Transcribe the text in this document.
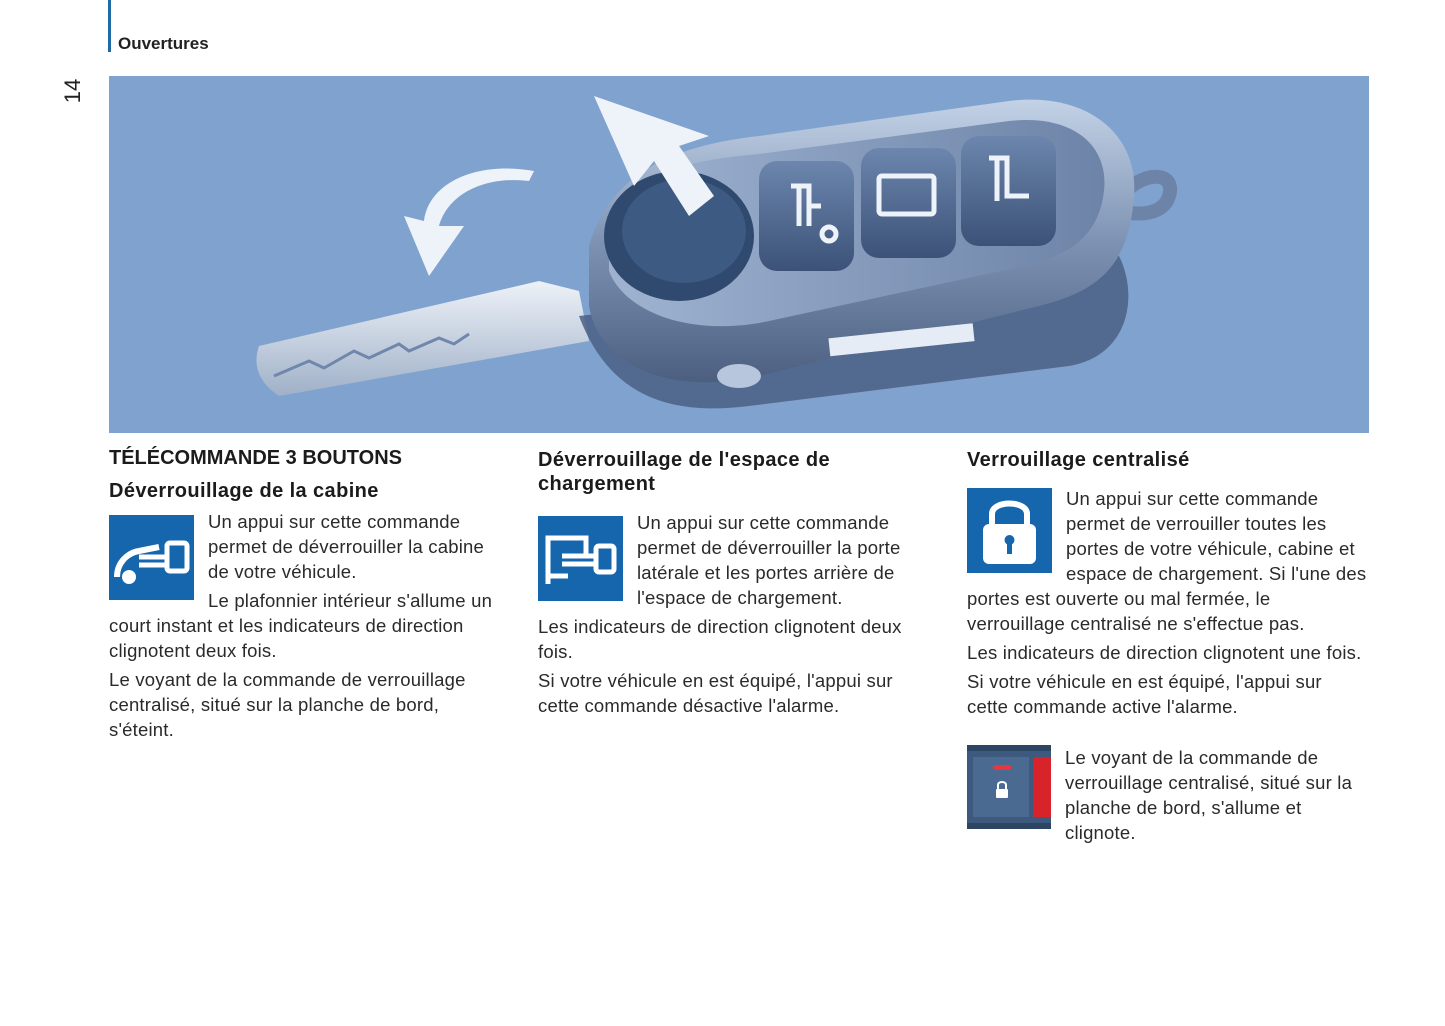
Ouvertures
14
TÉLÉCOMMANDE 3 BOUTONS
Déverrouillage de la cabine

Un appui sur cette commande permet de déverrouiller la cabine de votre véhicule.

Le plafonnier intérieur s'allume un court instant et les indicateurs de direction clignotent deux fois.

Le voyant de la commande de verrouillage centralisé, situé sur la planche de bord, s'éteint.

Déverrouillage de l'espace de chargement

Un appui sur cette commande permet de déverrouiller la porte latérale et les portes arrière de l'espace de chargement.

Les indicateurs de direction clignotent deux fois.

Si votre véhicule en est équipé, l'appui sur cette commande désactive l'alarme.

Verrouillage centralisé

Un appui sur cette commande permet de verrouiller toutes les portes de votre véhicule, cabine et espace de chargement. Si l'une des portes est ouverte ou mal fermée, le verrouillage centralisé ne s'effectue pas.

Les indicateurs de direction clignotent une fois.

Si votre véhicule en est équipé, l'appui sur cette commande active l'alarme.

Le voyant de la commande de verrouillage centralisé, situé sur la planche de bord, s'allume et clignote.
